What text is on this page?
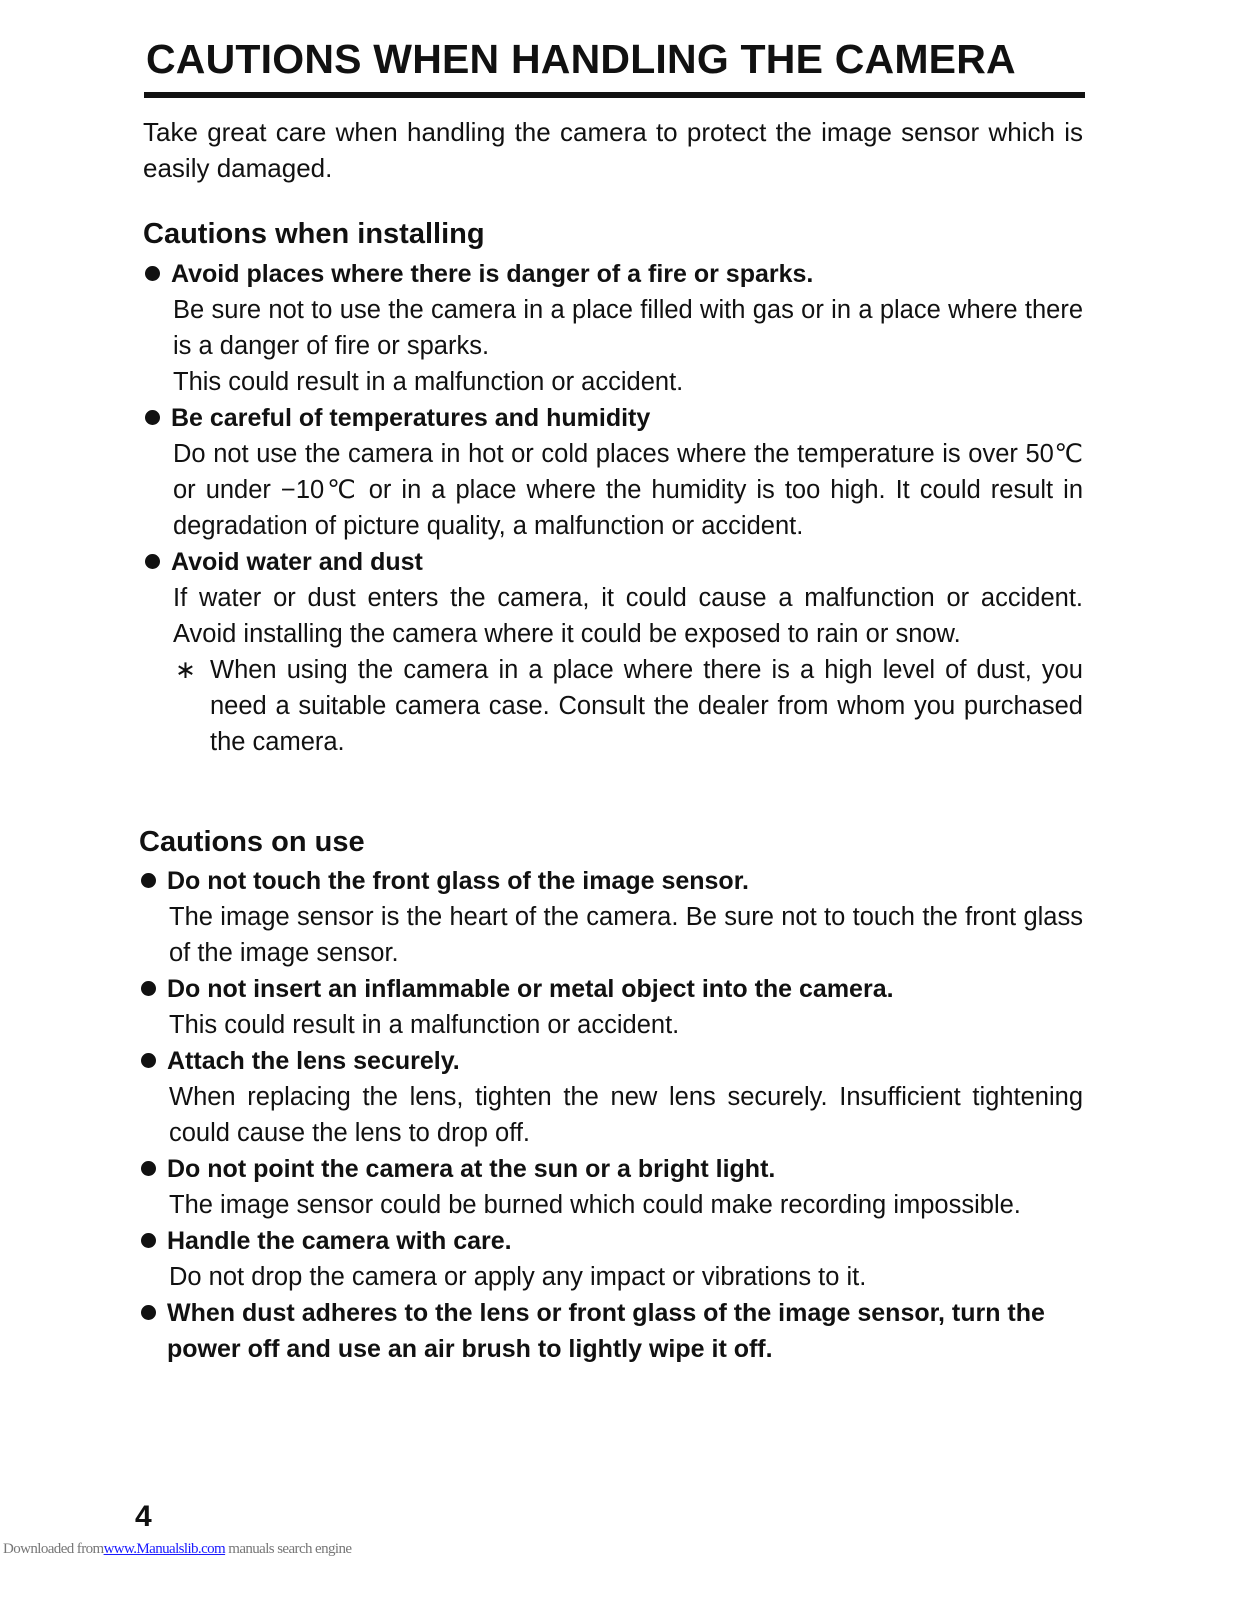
CAUTIONS WHEN HANDLING THE CAMERA

Take great care when handling the camera to protect the image sensor which is easily damaged.

Cautions when installing

Avoid places where there is danger of a fire or sparks.

Be sure not to use the camera in a place filled with gas or in a place where there is a danger of fire or sparks.

This could result in a malfunction or accident.

Be careful of temperatures and humidity

Do not use the camera in hot or cold places where the temperature is over 50℃ or under −10℃ or in a place where the humidity is too high. It could result in degradation of picture quality, a malfunction or accident.

Avoid water and dust

If water or dust enters the camera, it could cause a malfunction or accident. Avoid installing the camera where it could be exposed to rain or snow.

∗ When using the camera in a place where there is a high level of dust, you need a suitable camera case. Consult the dealer from whom you purchased the camera.

Cautions on use

Do not touch the front glass of the image sensor.

The image sensor is the heart of the camera. Be sure not to touch the front glass of the image sensor.

Do not insert an inflammable or metal object into the camera.

This could result in a malfunction or accident.

Attach the lens securely.

When replacing the lens, tighten the new lens securely. Insufficient tightening could cause the lens to drop off.

Do not point the camera at the sun or a bright light.

The image sensor could be burned which could make recording impossible.

Handle the camera with care.

Do not drop the camera or apply any impact or vibrations to it.

When dust adheres to the lens or front glass of the image sensor, turn the power off and use an air brush to lightly wipe it off.

4

Downloaded fromwww.Manualslib.com manuals search engine
